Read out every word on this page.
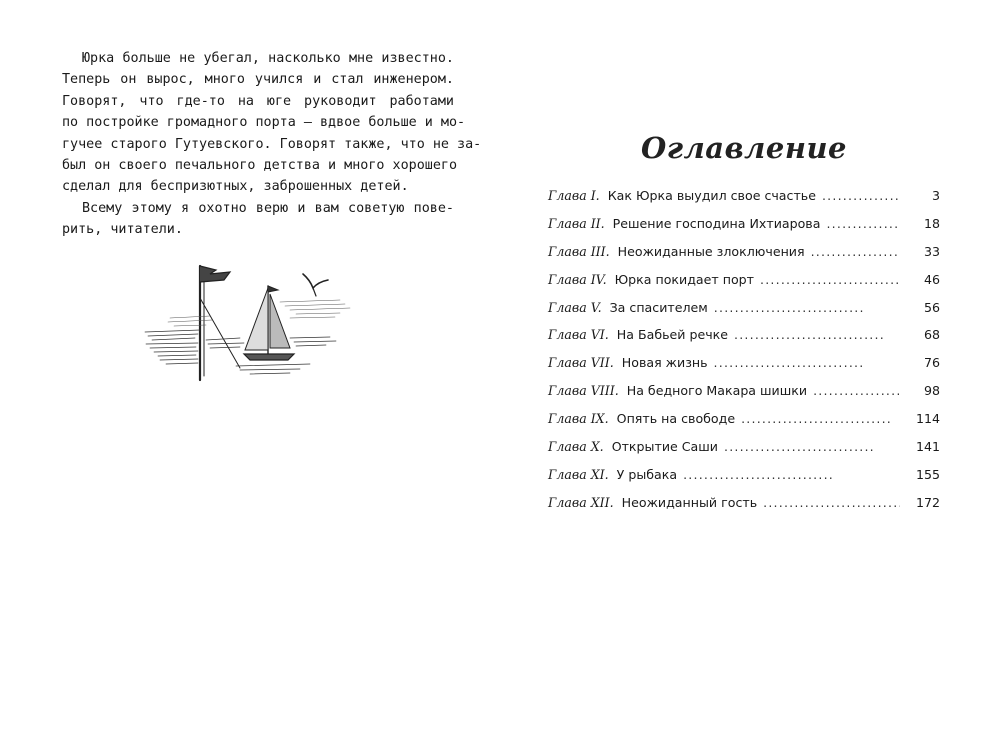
Юрка больше не убегал, насколько мне известно.
Теперь он вырос, много учился и стал инженером.
Говорят, что где-то на юге руководит работами
по постройке громадного порта – вдвое больше и мо-
гучее старого Гутуевского. Говорят также, что не за-
был он своего печального детства и много хорошего
сделал для беспризютных, заброшенных детей.

Всему этому я охотно верю и вам советую пове-
рить, читатели.

Оглавление
Глава I. Как Юрка выудил свое счастье .....	3
Глава II. Решение господина Ихтиарова .....	18
Глава III. Неожиданные злоключения .....	33
Глава IV. Юрка покидает порт .....	46
Глава V. За спасителем .....	56
Глава VI. На Бабьей речке .....	68
Глава VII. Новая жизнь .....	76
Глава VIII. На бедного Макара шишки .....	98
Глава IX. Опять на свободе .....	114
Глава X. Открытие Саши .....	141
Глава XI. У рыбака .....	155
Глава XII. Неожиданный гость .....	172
